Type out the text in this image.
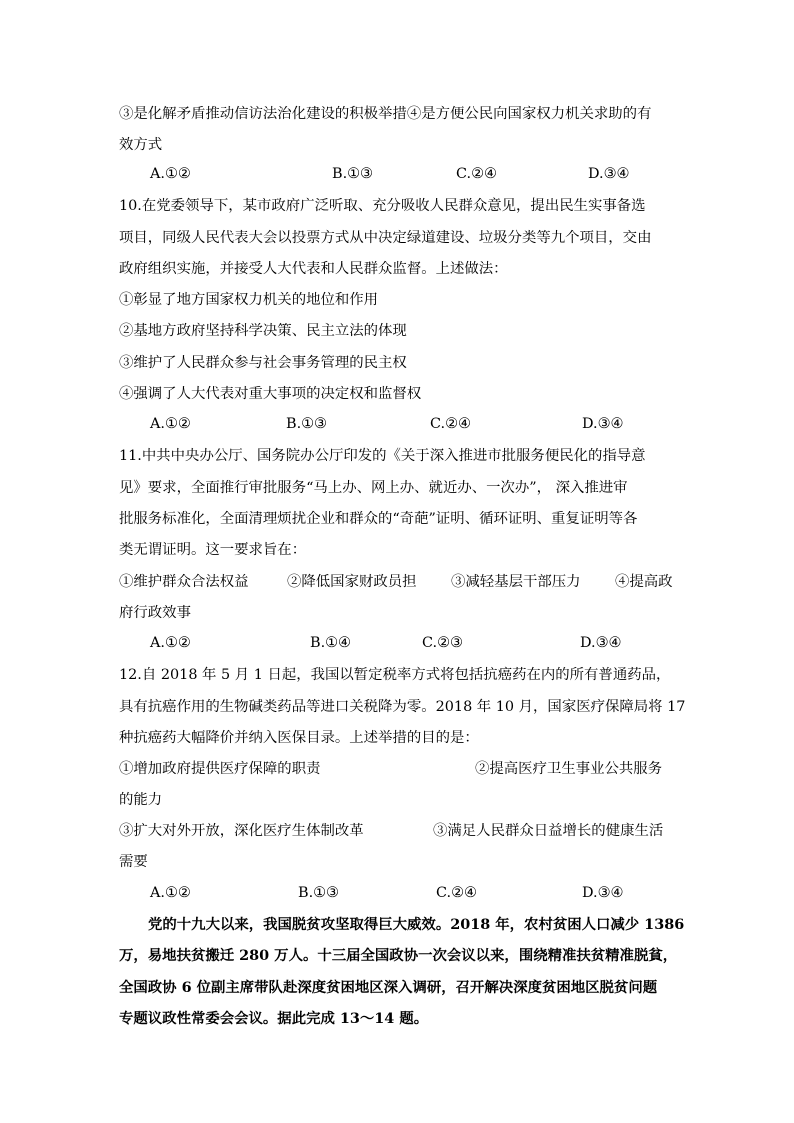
③是化解矛盾推动信访法治化建设的积极举措④是方便公民向国家权力机关求助的有
效方式
A.①②	B.①③	C.②④	D.③④
10.在党委领导下，某市政府广泛听取、充分吸收人民群众意见，提出民生实事备选
项目，同级人民代表大会以投票方式从中决定绿道建设、垃圾分类等九个项目，交由
政府组织实施，并接受人大代表和人民群众监督。上述做法：
①彰显了地方国家权力机关的地位和作用
②基地方政府坚持科学决策、民主立法的体现
③维护了人民群众参与社会事务管理的民主权
④强调了人大代表对重大事项的决定权和监督权
A.①②	B.①③	C.②④	D.③④
11.中共中央办公厅、国务院办公厅印发的《关于深入推进市批服务便民化的指导意
见》要求，全面推行审批服务“马上办、网上办、就近办、一次办”， 深入推进审
批服务标准化，全面清理烦扰企业和群众的“奇葩”证明、循环证明、重复证明等各
类无谓证明。这一要求旨在：
①维护群众合法权益	②降低国家财政员担 ③减轻基层干部压力 ④提高政
府行政效事
A.①②	B.①④	C.②③	D.③④
12.自 2018 年 5 月 1 日起，我国以暂定税率方式将包括抗癌药在内的所有普通药品，
具有抗癌作用的生物碱类药品等进口关税降为零。2018 年 10 月，国家医疗保障局将 17
种抗癌药大幅降价并纳入医保目录。上述举措的目的是：
①增加政府提供医疗保障的职责	②提高医疗卫生事业公共服务
的能力
③扩大对外开放，深化医疗生体制改革	③满足人民群众日益增长的健康生活
需要
A.①②	B.①③	C.②④	D.③④
党的十九大以来，我国脱贫攻坚取得巨大威效。2018 年，农村贫困人口减少 1386
万，易地扶贫搬迁 280 万人。十三届全国政协一次会议以来，围绕精准扶贫精准脱貧，
全国政协 6 位副主席带队赴深度贫困地区深入调研，召开解决深度贫困地区脱贫问题
专题议政性常委会会议。据此完成 13～14 题。
